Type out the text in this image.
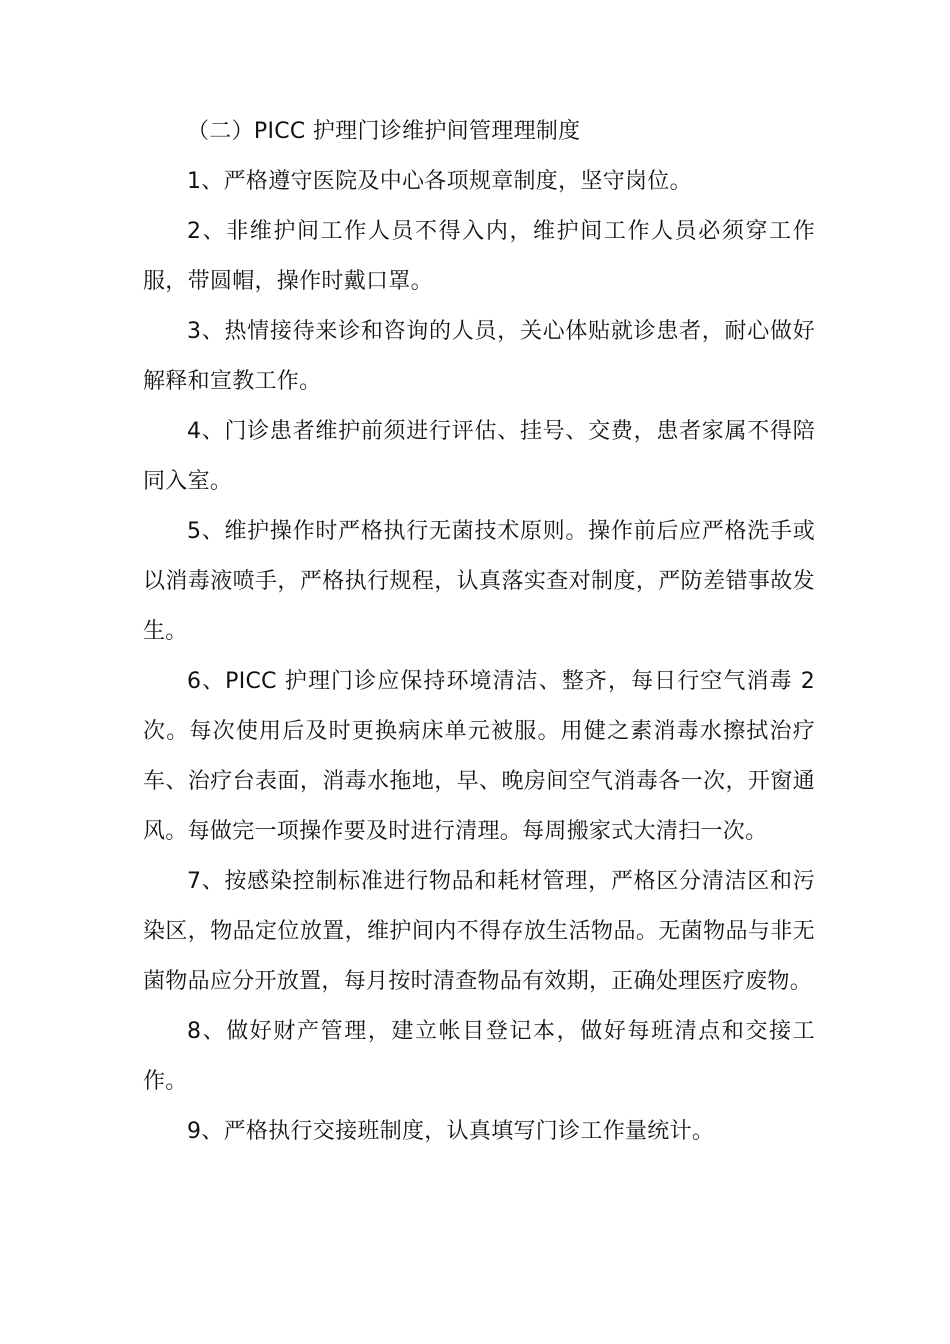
（二）PICC 护理门诊维护间管理理制度

1、严格遵守医院及中心各项规章制度，坚守岗位。

2、非维护间工作人员不得入内，维护间工作人员必须穿工作服，带圆帽，操作时戴口罩。

3、热情接待来诊和咨询的人员，关心体贴就诊患者，耐心做好解释和宣教工作。

4、门诊患者维护前须进行评估、挂号、交费，患者家属不得陪同入室。

5、维护操作时严格执行无菌技术原则。操作前后应严格洗手或以消毒液喷手，严格执行规程，认真落实查对制度，严防差错事故发生。

6、PICC 护理门诊应保持环境清洁、整齐，每日行空气消毒 2 次。每次使用后及时更换病床单元被服。用健之素消毒水擦拭治疗车、治疗台表面，消毒水拖地，早、晚房间空气消毒各一次，开窗通风。每做完一项操作要及时进行清理。每周搬家式大清扫一次。

7、按感染控制标准进行物品和耗材管理，严格区分清洁区和污染区，物品定位放置，维护间内不得存放生活物品。无菌物品与非无菌物品应分开放置，每月按时清查物品有效期，正确处理医疗废物。

8、做好财产管理，建立帐目登记本，做好每班清点和交接工作。

9、严格执行交接班制度，认真填写门诊工作量统计。
